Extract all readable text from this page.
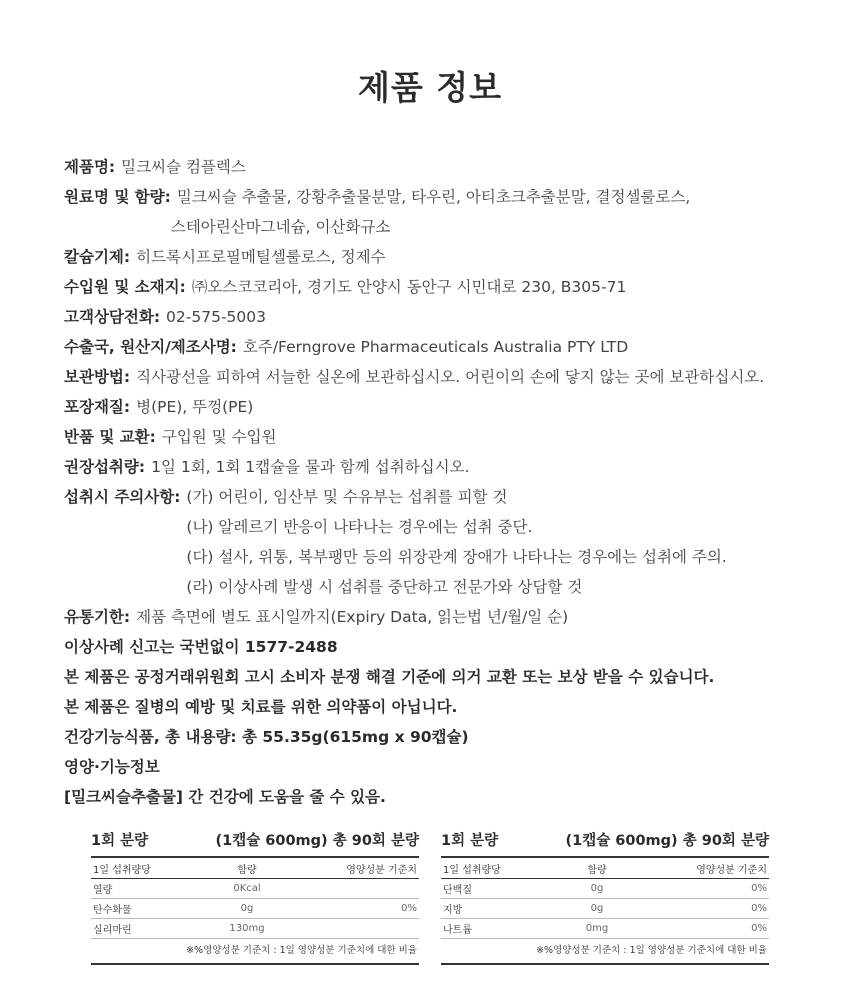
제품 정보
제품명: 밀크씨슬 컴플렉스
원료명 및 함량: 밀크씨슬 추출물, 강황추출물분말, 타우린, 아티초크추출분말, 결정셀룰로스,
스테아린산마그네슘, 이산화규소
칼슘기제: 히드록시프로필메틸셀룰로스, 정제수
수입원 및 소재지: ㈜오스코코리아, 경기도 안양시 동안구 시민대로 230, B305-71
고객상담전화: 02-575-5003
수출국, 원산지/제조사명: 호주/Ferngrove Pharmaceuticals Australia PTY LTD
보관방법: 직사광선을 피하여 서늘한 실온에 보관하십시오. 어린이의 손에 닿지 않는 곳에 보관하십시오.
포장재질: 병(PE), 뚜껑(PE)
반품 및 교환: 구입원 및 수입원
권장섭취량: 1일 1회, 1회 1캡슐을 물과 함께 섭취하십시오.
섭취시 주의사항: (가) 어린이, 임산부 및 수유부는 섭취를 피할 것
(나) 알레르기 반응이 나타나는 경우에는 섭취 중단.
(다) 설사, 위통, 복부팽만 등의 위장관계 장애가 나타나는 경우에는 섭취에 주의.
(라) 이상사례 발생 시 섭취를 중단하고 전문가와 상담할 것
유통기한: 제품 측면에 별도 표시일까지(Expiry Data, 읽는법 년/월/일 순)
이상사례 신고는 국번없이 1577-2488
본 제품은 공정거래위원회 고시 소비자 분쟁 해결 기준에 의거 교환 또는 보상 받을 수 있습니다.
본 제품은 질병의 예방 및 치료를 위한 의약품이 아닙니다.
건강기능식품, 총 내용량: 총 55.35g(615mg x 90캡슐)
영양·기능정보
[밀크씨슬추출물] 간 건강에 도움을 줄 수 있음.
1회 분량	(1캡슐 600mg) 총 90회 분량
1일 섭취량당	함량	영양성분 기준치
열량	0Kcal
탄수화물	0g	0%
실리마린	130mg
※%영양성분 기준치 : 1일 영양성분 기준치에 대한 비율
1회 분량	(1캡슐 600mg) 총 90회 분량
1일 섭취량당	함량	영양성분 기준치
단백질	0g	0%
지방	0g	0%
나트륨	0mg	0%
※%영양성분 기준치 : 1일 영양성분 기준치에 대한 비율
